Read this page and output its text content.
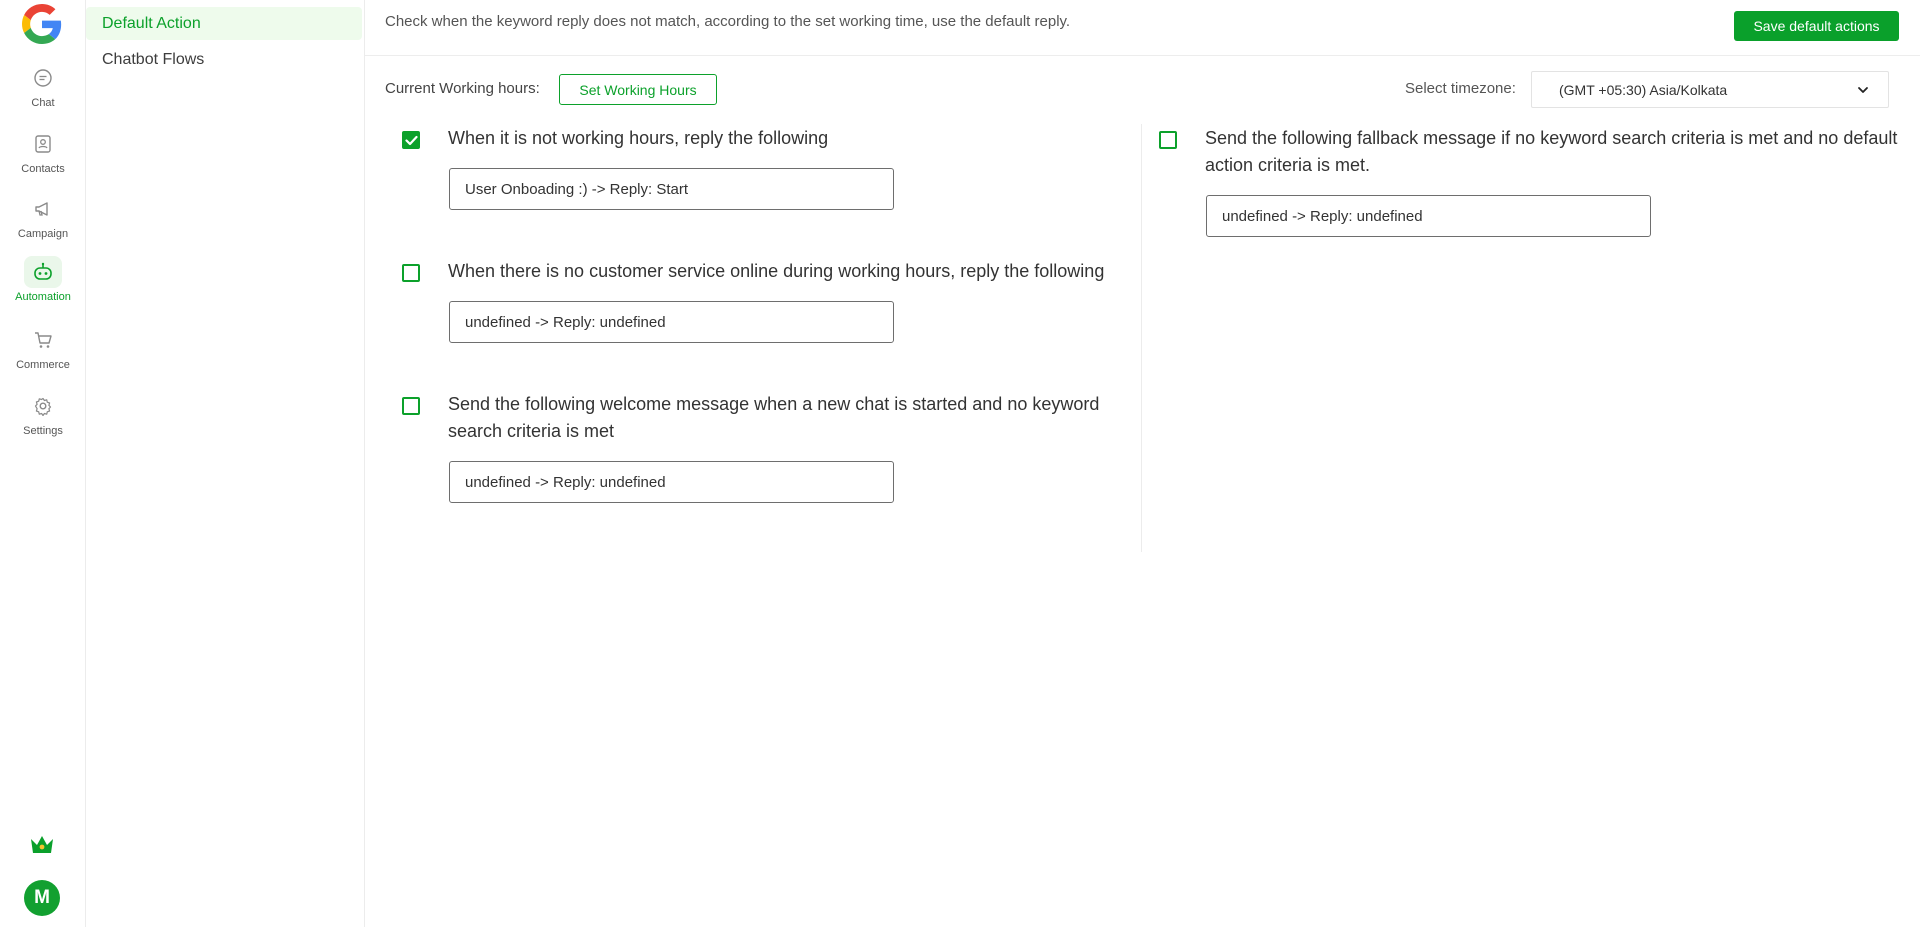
Chat
Contacts
Campaign
Automation
Commerce
Settings
M
Default Action
Chatbot Flows
Check when the keyword reply does not match, according to the set working time, use the default reply.	Save default actions
Current Working hours:	Set Working Hours	Select timezone:	(GMT +05:30) Asia/Kolkata
When it is not working hours, reply the following
User Onboading :) -> Reply: Start
When there is no customer service online during working hours, reply the following
undefined -> Reply: undefined
Send the following welcome message when a new chat is started and no keyword search criteria is met
undefined -> Reply: undefined
Send the following fallback message if no keyword search criteria is met and no default action criteria is met.
undefined -> Reply: undefined
